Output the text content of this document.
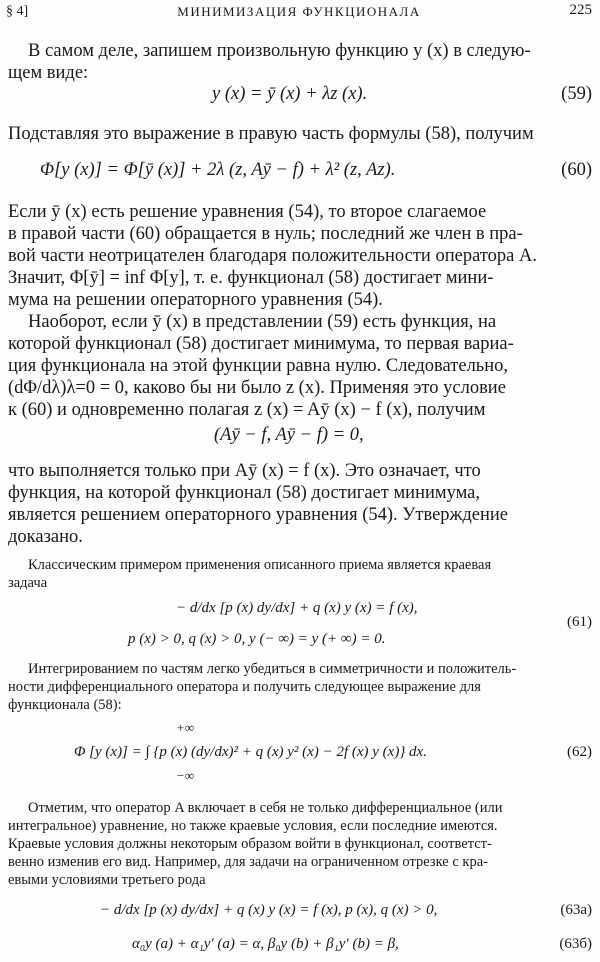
§ 4]	МИНИМИЗАЦИЯ ФУНКЦИОНАЛА	225
В самом деле, запишем произвольную функцию y (x) в следую-
щем виде:
y (x) = ȳ (x) + λz (x).	(59)
Подставляя это выражение в правую часть формулы (58), получим
Φ[y (x)] = Φ[ȳ (x)] + 2λ (z, Aȳ − f) + λ² (z, Az).	(60)
Если ȳ (x) есть решение уравнения (54), то второе слагаемое
в правой части (60) обращается в нуль; последний же член в пра-
вой части неотрицателен благодаря положительности оператора A.
Значит, Φ[ȳ] = inf Φ[y], т. е. функционал (58) достигает мини-
мума на решении операторного уравнения (54).
Наоборот, если ȳ (x) в представлении (59) есть функция, на
которой функционал (58) достигает минимума, то первая вариа-
ция функционала на этой функции равна нулю. Следовательно,
(dΦ/dλ)λ=0 = 0, каково бы ни было z (x). Применяя это условие
к (60) и одновременно полагая z (x) = Aȳ (x) − f (x), получим
(Aȳ − f, Aȳ − f) = 0,
что выполняется только при Aȳ (x) = f (x). Это означает, что
функция, на которой функционал (58) достигает минимума,
является решением операторного уравнения (54). Утверждение
доказано.
Классическим примером применения описанного приема является краевая
задача
− d/dx [p (x) dy/dx] + q (x) y (x) = f (x),
p (x) > 0, q (x) > 0, y (− ∞) = y (+ ∞) = 0.
(61)
Интегрированием по частям легко убедиться в симметричности и положитель-
ности дифференциального оператора и получить следующее выражение для
функционала (58):
+∞
Φ [y (x)] = ∫ {p (x) (dy/dx)² + q (x) y² (x) − 2f (x) y (x)} dx.
−∞
(62)
Отметим, что оператор A включает в себя не только дифференциальное (или
интегральное) уравнение, но также краевые условия, если последние имеются.
Краевые условия должны некоторым образом войти в функционал, соответст-
венно изменив его вид. Например, для задачи на ограниченном отрезке с кра-
евыми условиями третьего рода
− d/dx [p (x) dy/dx] + q (x) y (x) = f (x), p (x), q (x) > 0,	(63а)
α₀y (a) + α₁y′ (a) = α, β₀y (b) + β₁y′ (b) = β,	(63б)
